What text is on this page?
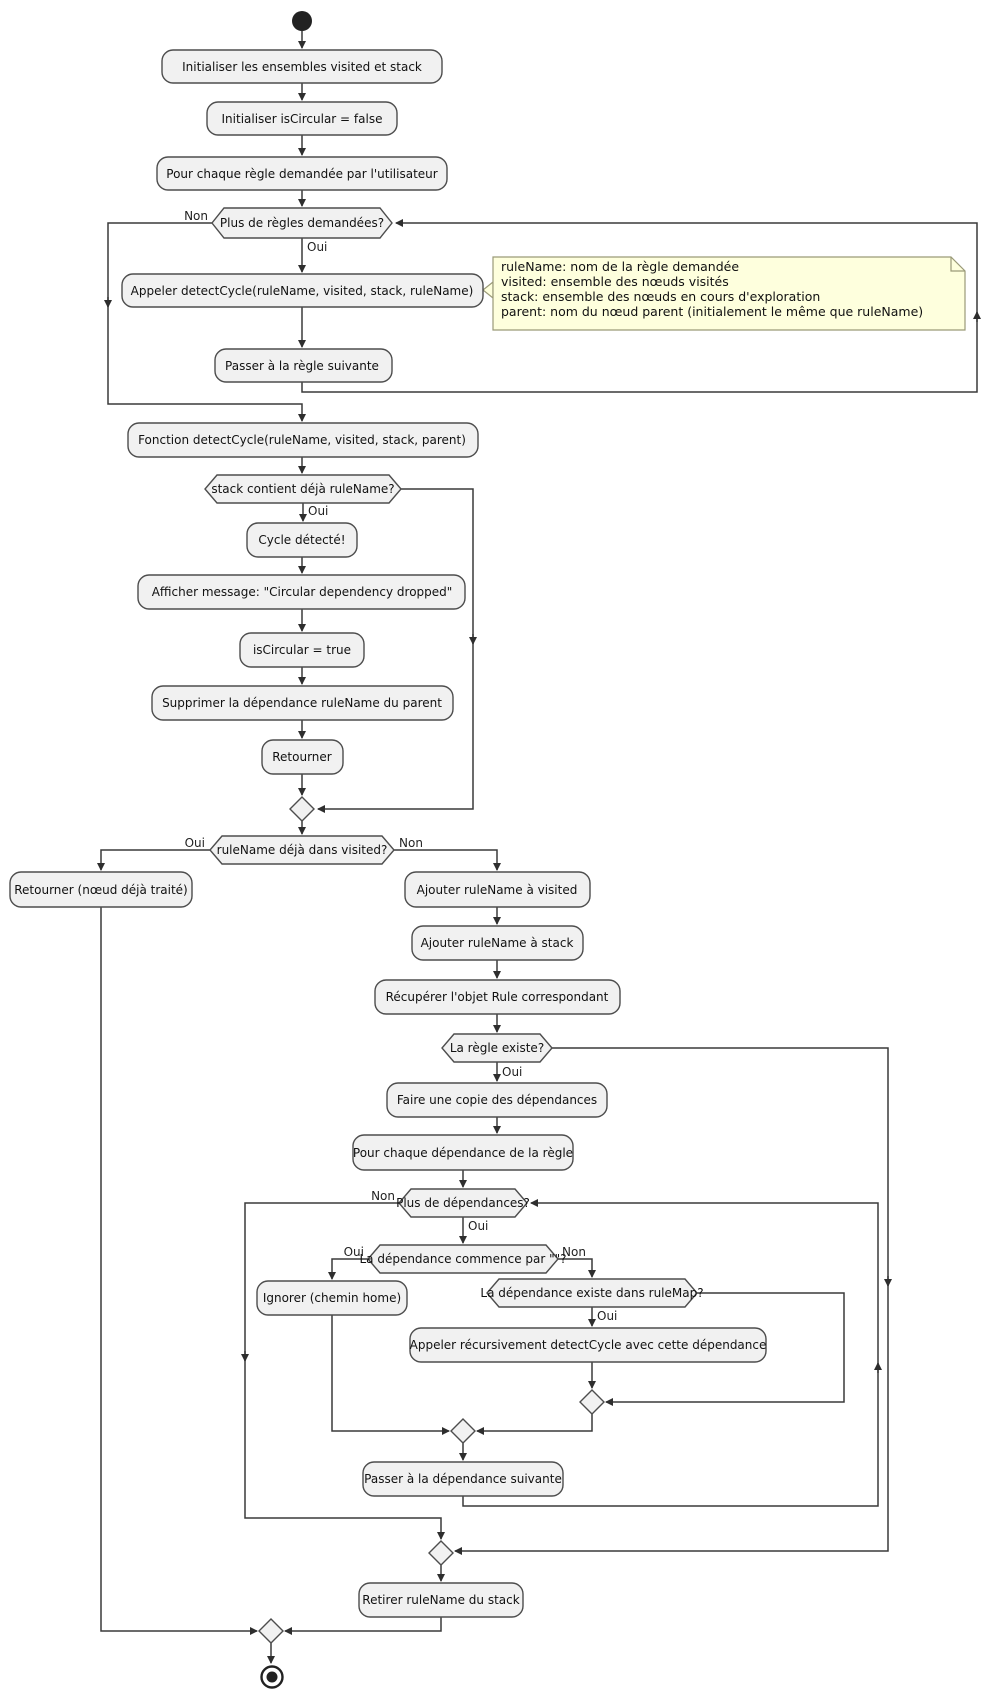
ruleName: nom de la règle demandée
visited: ensemble des nœuds visités
stack: ensemble des nœuds en cours d'exploration
parent: nom du nœud parent (initialement le même que ruleName)
Initialiser les ensembles visited et stack
Initialiser isCircular = false
Pour chaque règle demandée par l'utilisateur
Appeler detectCycle(ruleName, visited, stack, ruleName)
Passer à la règle suivante
Fonction detectCycle(ruleName, visited, stack, parent)
Cycle détecté!
Afficher message: "Circular dependency dropped"
isCircular = true
Supprimer la dépendance ruleName du parent
Retourner
Retourner (nœud déjà traité)	Ajouter ruleName à visited
Ajouter ruleName à stack
Récupérer l'objet Rule correspondant
Faire une copie des dépendances
Pour chaque dépendance de la règle
Ignorer (chemin home)
Appeler récursivement detectCycle avec cette dépendance
Passer à la dépendance suivante
Retirer ruleName du stack
Plus de règles demandées?
stack contient déjà ruleName?
ruleName déjà dans visited?
La règle existe?
Plus de dépendances?
La dépendance commence par ""?
La dépendance existe dans ruleMap?
Non
Oui
Oui
Oui	Non
Oui
Non
Oui
Oui	Non
Oui
